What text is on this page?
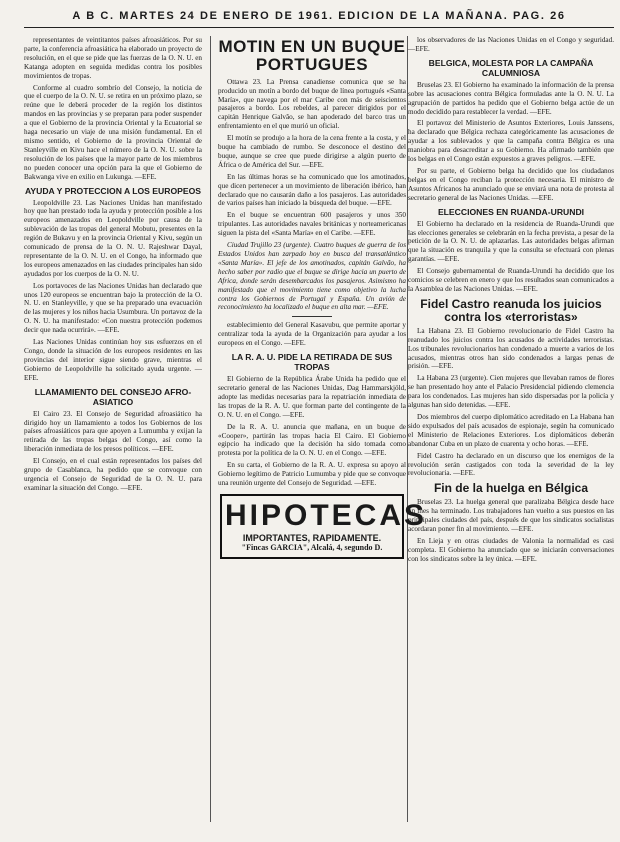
A B C. MARTES 24 DE ENERO DE 1961. EDICION DE LA MAÑANA. PAG. 26

representantes de veintitantos países afroasiáticos. Por su parte, la conferencia afroasiática ha elaborado un proyecto de resolución, en el que se pide que las fuerzas de la O. N. U. en Katanga adopten en seguida medidas contra los posibles movimientos de tropas.

Conforme al cuadro sombrío del Consejo, la noticia de que el cuerpo de la O. N. U. se retira en un próximo plazo, se reúne que le deberá proceder de la región los distintos mandos en las provincias y se preparan para poder suspender a que el Gobierno de la provincia Oriental y la Ecuatorial se haga necesario un viaje de una misión fundamental. En el mismo sentido, el Gobierno de la provincia Oriental de Stanleyville en Kivu hace el número de la O. N. U. sobre la resolución de los países que la mayor parte de los miembros no pueden conocer una opción para la que el Gobierno de Bakwanga vive en exilio en Lukunga. —EFE.

AYUDA Y PROTECCION A LOS EUROPEOS

Leopoldville 23. Las Naciones Unidas han manifestado hoy que han prestado toda la ayuda y protección posible a los europeos amenazados en Leopoldville por causa de la sublevación de las tropas del general Mobutu, presentes en la región de Bukavu y en la provincia Oriental y Kivu, según un comunicado de prensa de la O. N. U. Rajeshwar Dayal, representante de la O. N. U. en el Congo, ha informado que los europeos amenazados en las ciudades principales han sido ayudados por los cuerpos de la O. N. U.

Los portavoces de las Naciones Unidas han declarado que unos 120 europeos se encuentran bajo la protección de la O. N. U. en Stanleyville, y que se ha preparado una evacuación de las mujeres y los niños hacia Usumbura. Un portavoz de la O. N. U. ha manifestado: «Con nuestra protección podemos decir que nada ocurrirá». —EFE.

Las Naciones Unidas continúan hoy sus esfuerzos en el Congo, donde la situación de los europeos residentes en las provincias del interior sigue siendo grave, mientras el Gobierno de Leopoldville ha solicitado ayuda urgente. —EFE.

LLAMAMIENTO DEL CONSEJO AFRO-ASIATICO

El Cairo 23. El Consejo de Seguridad afroasiático ha dirigido hoy un llamamiento a todos los Gobiernos de los países afroasiáticos para que apoyen a Lumumba y exijan la retirada de las tropas belgas del Congo, así como la liberación inmediata de los presos políticos. —EFE.

El Consejo, en el cual están representados los países del grupo de Casablanca, ha pedido que se convoque con urgencia el Consejo de Seguridad de la O. N. U. para examinar la situación del Congo. —EFE.

MOTIN EN UN BUQUE PORTUGUES

Ottawa 23. La Prensa canadiense comunica que se ha producido un motín a bordo del buque de línea portugués «Santa María», que navega por el mar Caribe con más de seiscientos pasajeros a bordo. Los rebeldes, al parecer dirigidos por el capitán Henrique Galvão, se han apoderado del barco tras un enfrentamiento en el que murió un oficial.

El motín se produjo a la hora de la cena frente a la costa, y el buque ha cambiado de rumbo. Se desconoce el destino del buque, aunque se cree que puede dirigirse a algún puerto de África o de América del Sur. —EFE.

En las últimas horas se ha comunicado que los amotinados, que dicen pertenecer a un movimiento de liberación ibérico, han declarado que no causarán daño a los pasajeros. Las autoridades de varios países han iniciado la búsqueda del buque. —EFE.

En el buque se encuentran 600 pasajeros y unos 350 tripulantes. Las autoridades navales británicas y norteamericanas siguen la pista del «Santa María» en el Caribe. —EFE.

Ciudad Trujillo 23 (urgente). Cuatro buques de guerra de los Estados Unidos han zarpado hoy en busca del transatlántico «Santa María». El jefe de los amotinados, capitán Galvão, ha hecho saber por radio que el buque se dirige hacia un puerto de Africa, donde serán desembarcados los pasajeros. Asimismo ha manifestado que el movimiento tiene como objetivo la lucha contra los Gobiernos de Portugal y España. Un avión de reconocimiento ha localizado el buque en alta mar. —EFE.

establecimiento del General Kasavubu, que permite aportar y centralizar toda la ayuda de la Organización para ayudar a los europeos en el Congo. —EFE.

LA R. A. U. PIDE LA RETIRADA DE SUS TROPAS

El Gobierno de la República Árabe Unida ha pedido que el secretario general de las Naciones Unidas, Dag Hammarskjöld, adopte las medidas necesarias para la repatriación inmediata de las tropas de la R. A. U. que forman parte del contingente de la O. N. U. en el Congo. —EFE.

De la R. A. U. anuncia que mañana, en un buque de «Cooper», partirán las tropas hacia El Cairo. El Gobierno egipcio ha indicado que la decisión ha sido tomada como protesta por la política de la O. N. U. en el Congo. —EFE.

En su carta, el Gobierno de la R. A. U. expresa su apoyo al Gobierno legítimo de Patricio Lumumba y pide que se convoque una reunión urgente del Consejo de Seguridad. —EFE.

HIPOTECAS
IMPORTANTES, RAPIDAMENTE.
"Fincas GARCIA", Alcalá, 4, segundo D.

los observadores de las Naciones Unidas en el Congo y seguridad. —EFE.

BELGICA, MOLESTA POR LA CAMPAÑA CALUMNIOSA

Bruselas 23. El Gobierno ha examinado la información de la prensa sobre las acusaciones contra Bélgica formuladas ante la O. N. U. La agrupación de partidos ha pedido que el Gobierno belga actúe de un modo decidido para restablecer la verdad. —EFE.

El portavoz del Ministerio de Asuntos Exteriores, Louis Janssens, ha declarado que Bélgica rechaza categóricamente las acusaciones de ayudar a los sublevados y que la campaña contra Bélgica es una maniobra para desacreditar a su Gobierno. Ha afirmado también que los belgas en el Congo están expuestos a graves peligros. —EFE.

Por su parte, el Gobierno belga ha decidido que los ciudadanos belgas en el Congo reciban la protección necesaria. El ministro de Asuntos Africanos ha anunciado que se enviará una nota de protesta al secretario general de las Naciones Unidas. —EFE.

ELECCIONES EN RUANDA-URUNDI

El Gobierno ha declarado en la residencia de Ruanda-Urundi que las elecciones generales se celebrarán en la fecha prevista, a pesar de la petición de la O. N. U. de aplazarlas. Las autoridades belgas afirman que la situación es tranquila y que la consulta se efectuará con plenas garantías. —EFE.

El Consejo gubernamental de Ruanda-Urundi ha decidido que los comicios se celebren en enero y que los resultados sean comunicados a la Asamblea de las Naciones Unidas. —EFE.

Fidel Castro reanuda los juicios contra los «terroristas»

La Habana 23. El Gobierno revolucionario de Fidel Castro ha reanudado los juicios contra los acusados de actividades terroristas. Los tribunales revolucionarios han condenado a muerte a varios de los acusados, mientras otros han sido condenados a largas penas de prisión. —EFE.

La Habana 23 (urgente). Cien mujeres que llevaban ramos de flores se han presentado hoy ante el Palacio Presidencial pidiendo clemencia para los condenados. Las mujeres han sido dispersadas por la policía y algunas han sido detenidas. —EFE.

Dos miembros del cuerpo diplomático acreditado en La Habana han sido expulsados del país acusados de espionaje, según ha comunicado el Ministerio de Relaciones Exteriores. Los diplomáticos deberán abandonar Cuba en un plazo de cuarenta y ocho horas. —EFE.

Fidel Castro ha declarado en un discurso que los enemigos de la revolución serán castigados con toda la severidad de la ley revolucionaria. —EFE.

Fin de la huelga en Bélgica

Bruselas 23. La huelga general que paralizaba Bélgica desde hace un mes ha terminado. Los trabajadores han vuelto a sus puestos en las principales ciudades del país, después de que los sindicatos socialistas acordaran poner fin al movimiento. —EFE.

En Lieja y en otras ciudades de Valonia la normalidad es casi completa. El Gobierno ha anunciado que se iniciarán conversaciones con los sindicatos sobre la ley única. —EFE.
